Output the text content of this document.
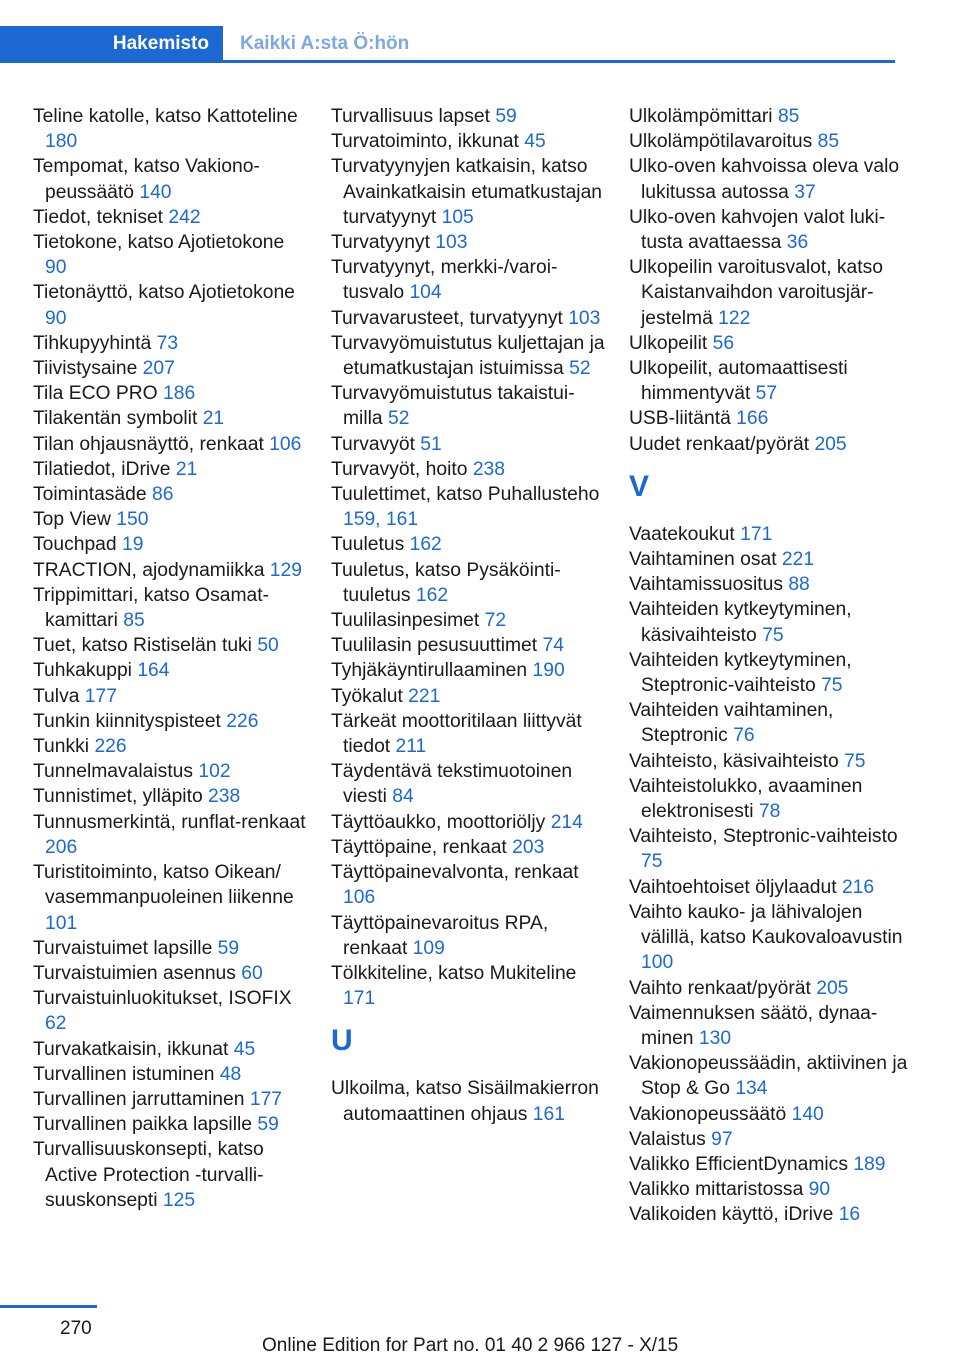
Hakemisto	Kaikki A:sta Ö:hön
Teline katolle, katso Kattoteline 180
Tempomat, katso Vakionopeussäätö 140
Tiedot, tekniset 242
Tietokone, katso Ajotietokone 90
Tietonäyttö, katso Ajotietokone 90
Tihkupyyhintä 73
Tiivistysaine 207
Tila ECO PRO 186
Tilakentän symbolit 21
Tilan ohjausnäyttö, renkaat 106
Tilatiedot, iDrive 21
Toimintasäde 86
Top View 150
Touchpad 19
TRACTION, ajodynamiikka 129
Trippimittari, katso Osamatkamittari 85
Tuet, katso Ristiselän tuki 50
Tuhkakuppi 164
Tulva 177
Tunkin kiinnityspisteet 226
Tunkki 226
Tunnelmavalaistus 102
Tunnistimet, ylläpito 238
Tunnusmerkintä, runflat-renkaat 206
Turistitoiminto, katso Oikean/ vasemmanpuoleinen liikenne 101
Turvaistuimet lapsille 59
Turvaistuimien asennus 60
Turvaistuinluokitukset, ISOFIX 62
Turvakatkaisin, ikkunat 45
Turvallinen istuminen 48
Turvallinen jarruttaminen 177
Turvallinen paikka lapsille 59
Turvallisuuskonsepti, katso Active Protection -turvallisuuskonsepti 125
Turvallisuus lapset 59
Turvatoiminto, ikkunat 45
Turvatyynyjen katkaisin, katso Avainkatkaisin etumatkustajan turvatyynyt 105
Turvatyynyt 103
Turvatyynyt, merkki-/varoitusvalo 104
Turvavarusteet, turvatyynyt 103
Turvavyömuistutus kuljettajan ja etumatkustajan istuimissa 52
Turvavyömuistutus takaistuimilla 52
Turvavyöt 51
Turvavyöt, hoito 238
Tuulettimet, katso Puhallusteho 159, 161
Tuuletus 162
Tuuletus, katso Pysäköintituuletus 162
Tuulilasinpesimet 72
Tuulilasin pesusuuttimet 74
Tyhjäkäyntirullaaminen 190
Työkalut 221
Tärkeät moottoritilaan liittyvät tiedot 211
Täydentävä tekstimuotoinen viesti 84
Täyttöaukko, moottoriöljy 214
Täyttöpaine, renkaat 203
Täyttöpainevalvonta, renkaat 106
Täyttöpainevaroitus RPA, renkaat 109
Tölkkiteline, katso Mukiteline 171
U
Ulkoilma, katso Sisäilmakierron automaattinen ohjaus 161
Ulkolämpömittari 85
Ulkolämpötilavaroitus 85
Ulko-oven kahvoissa oleva valo lukitussa autossa 37
Ulko-oven kahvojen valot lukitusta avattaessa 36
Ulkopeilin varoitusvalot, katso Kaistanvaihdon varoitusjärjestelmä 122
Ulkopeilit 56
Ulkopeilit, automaattisesti himmentyvät 57
USB-liitäntä 166
Uudet renkaat/pyörät 205
V
Vaatekoukut 171
Vaihtaminen osat 221
Vaihtamissuositus 88
Vaihteiden kytkeytyminen, käsivaihteisto 75
Vaihteiden kytkeytyminen, Steptronic-vaihteisto 75
Vaihteiden vaihtaminen, Steptronic 76
Vaihteisto, käsivaihteisto 75
Vaihteistolukko, avaaminen elektronisesti 78
Vaihteisto, Steptronic-vaihteisto 75
Vaihtoehtoiset öljylaadut 216
Vaihto kauko- ja lähivalojen välillä, katso Kaukovaloavustin 100
Vaihto renkaat/pyörät 205
Vaimennuksen säätö, dynaaminen 130
Vakionopeussäädin, aktiivinen ja Stop & Go 134
Vakionopeussäätö 140
Valaistus 97
Valikko EfficientDynamics 189
Valikko mittaristossa 90
Valikoiden käyttö, iDrive 16
270
Online Edition for Part no. 01 40 2 966 127 - X/15
